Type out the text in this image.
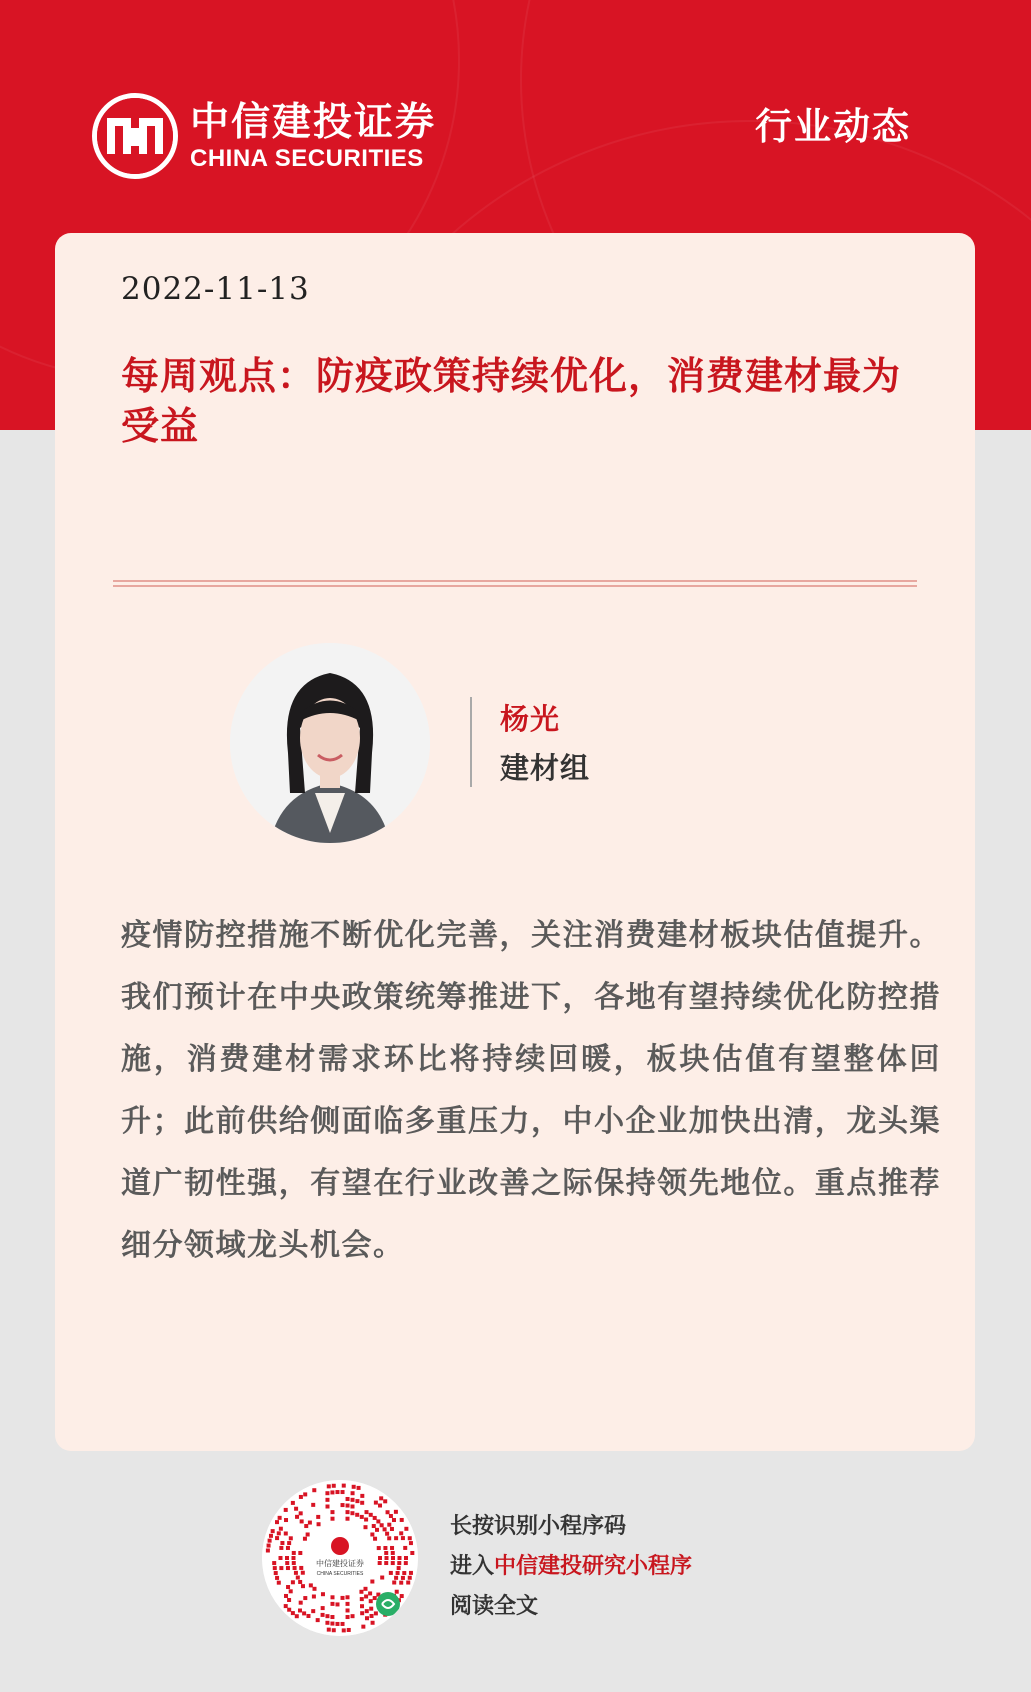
中信建投证券
CHINA SECURITIES
行业动态
2022-11-13
每周观点：防疫政策持续优化，消费建材最为受益
杨光
建材组
疫情防控措施不断优化完善，关注消费建材板块估值提升。我们预计在中央政策统筹推进下，各地有望持续优化防控措施，消费建材需求环比将持续回暖，板块估值有望整体回升；此前供给侧面临多重压力，中小企业加快出清，龙头渠道广韧性强，有望在行业改善之际保持领先地位。重点推荐细分领域龙头机会。
中信建投证券
CHINA SECURITIES
长按识别小程序码
进入中信建投研究小程序
阅读全文
